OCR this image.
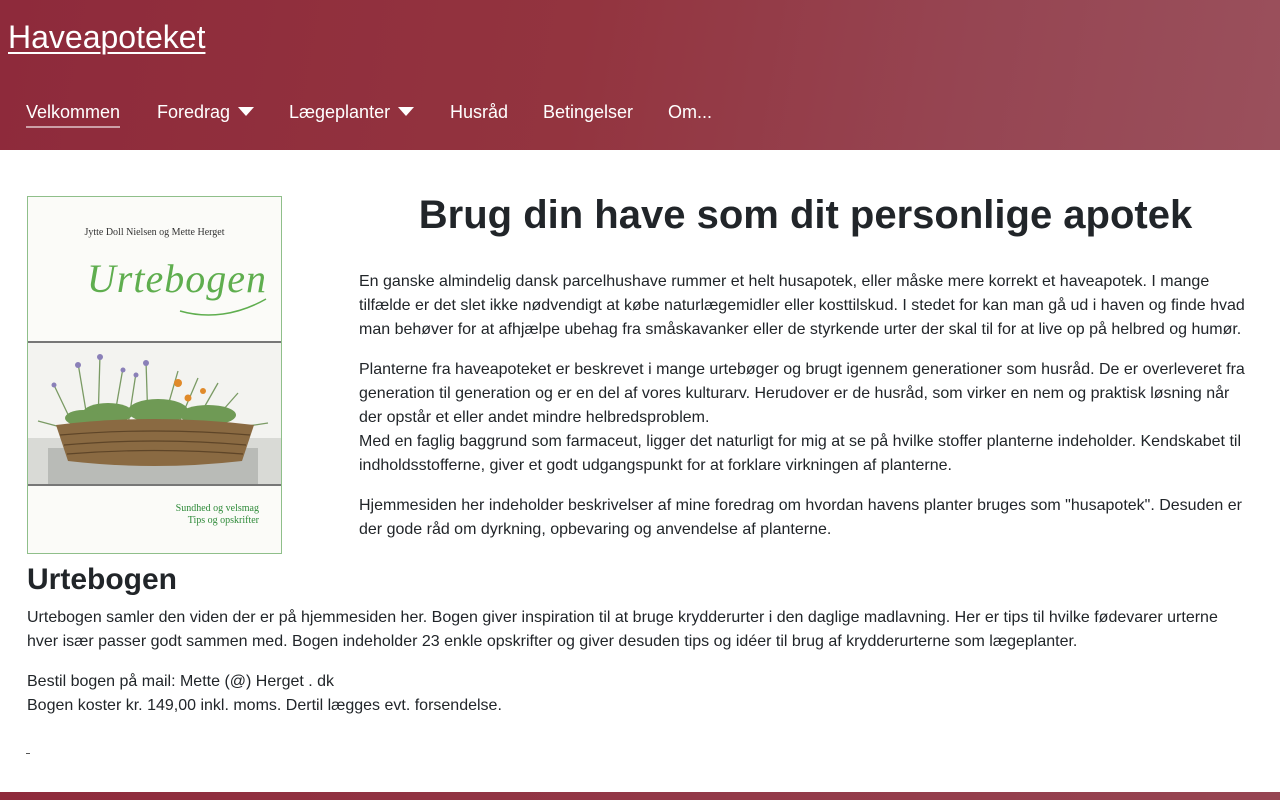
Haveapoteket
Velkommen Foredrag	Lægeplanter	Husråd Betingelser Om...
Jytte Doll Nielsen og Mette Herget
Urtebogen
Sundhed og velsmag
Tips og opskrifter
Brug din have som dit personlige apotek

En ganske almindelig dansk parcelhushave rummer et helt husapotek, eller måske mere korrekt et haveapotek. I mange tilfælde er det slet ikke nødvendigt at købe naturlægemidler eller kosttilskud. I stedet for kan man gå ud i haven og finde hvad man behøver for at afhjælpe ubehag fra småskavanker eller de styrkende urter der skal til for at live op på helbred og humør.

Planterne fra haveapoteket er beskrevet i mange urtebøger og brugt igennem generationer som husråd. De er overleveret fra generation til generation og er en del af vores kulturarv. Herudover er de husråd, som virker en nem og praktisk løsning når der opstår et eller andet mindre helbredsproblem.

Med en faglig baggrund som farmaceut, ligger det naturligt for mig at se på hvilke stoffer planterne indeholder. Kendskabet til indholdsstofferne, giver et godt udgangspunkt for at forklare virkningen af planterne.

Hjemmesiden her indeholder beskrivelser af mine foredrag om hvordan havens planter bruges som "husapotek". Desuden er der gode råd om dyrkning, opbevaring og anvendelse af planterne.

Urtebogen

Urtebogen samler den viden der er på hjemmesiden her. Bogen giver inspiration til at bruge krydderurter i den daglige madlavning. Her er tips til hvilke fødevarer urterne hver især passer godt sammen med. Bogen indeholder 23 enkle opskrifter og giver desuden tips og idéer til brug af krydderurterne som lægeplanter.

Bestil bogen på mail: Mette (@) Herget . dk
Bogen koster kr. 149,00 inkl. moms. Dertil lægges evt. forsendelse.
